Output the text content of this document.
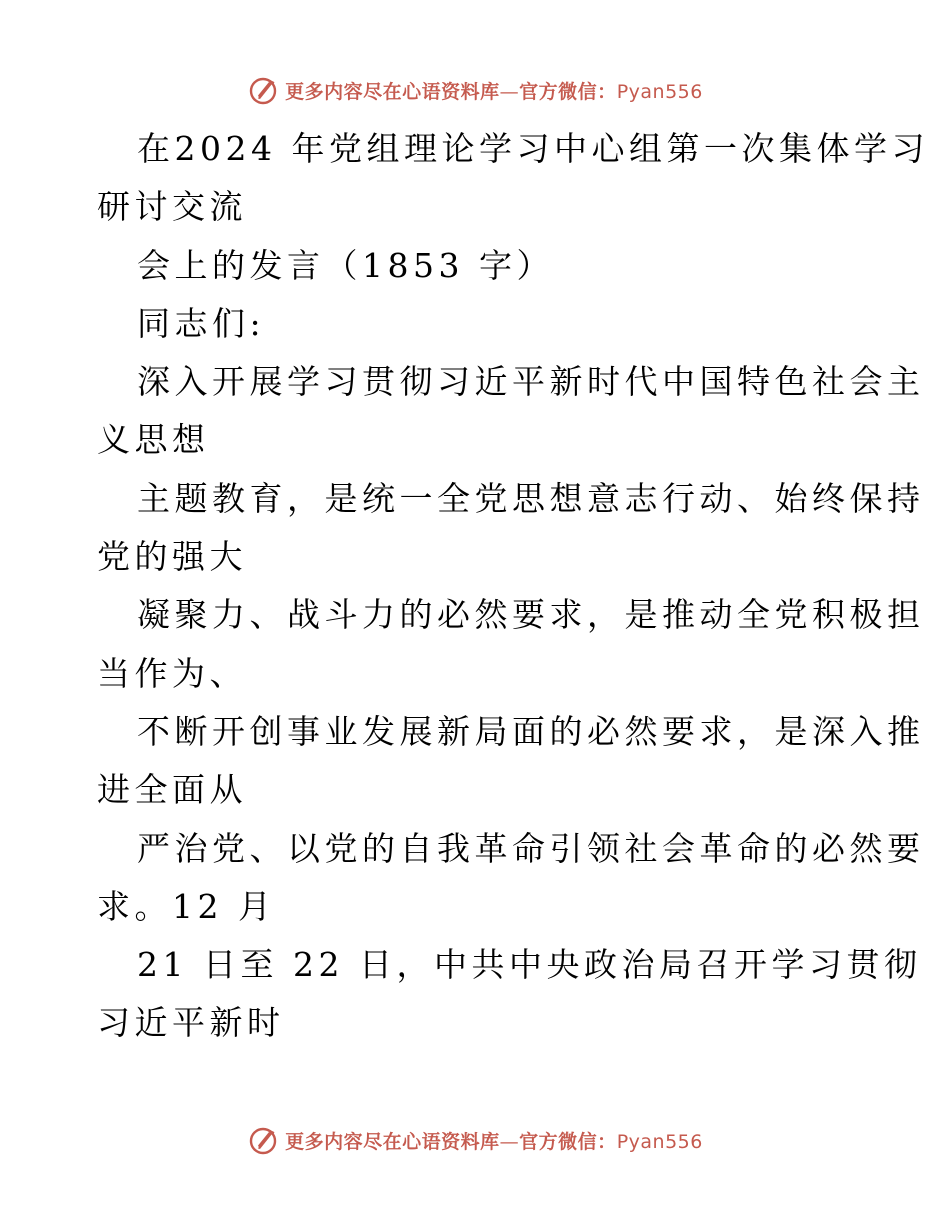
更多内容尽在心语资料库—官方微信：Pyan556
在2024 年党组理论学习中心组第一次集体学习
研讨交流
会上的发言（1853 字）
同志们:
深入开展学习贯彻习近平新时代中国特色社会主
义思想
主题教育，是统一全党思想意志行动、始终保持
党的强大
凝聚力、战斗力的必然要求，是推动全党积极担
当作为、
不断开创事业发展新局面的必然要求，是深入推
进全面从
严治党、以党的自我革命引领社会革命的必然要
求。12 月
21 日至 22 日，中共中央政治局召开学习贯彻
习近平新时
更多内容尽在心语资料库—官方微信：Pyan556
